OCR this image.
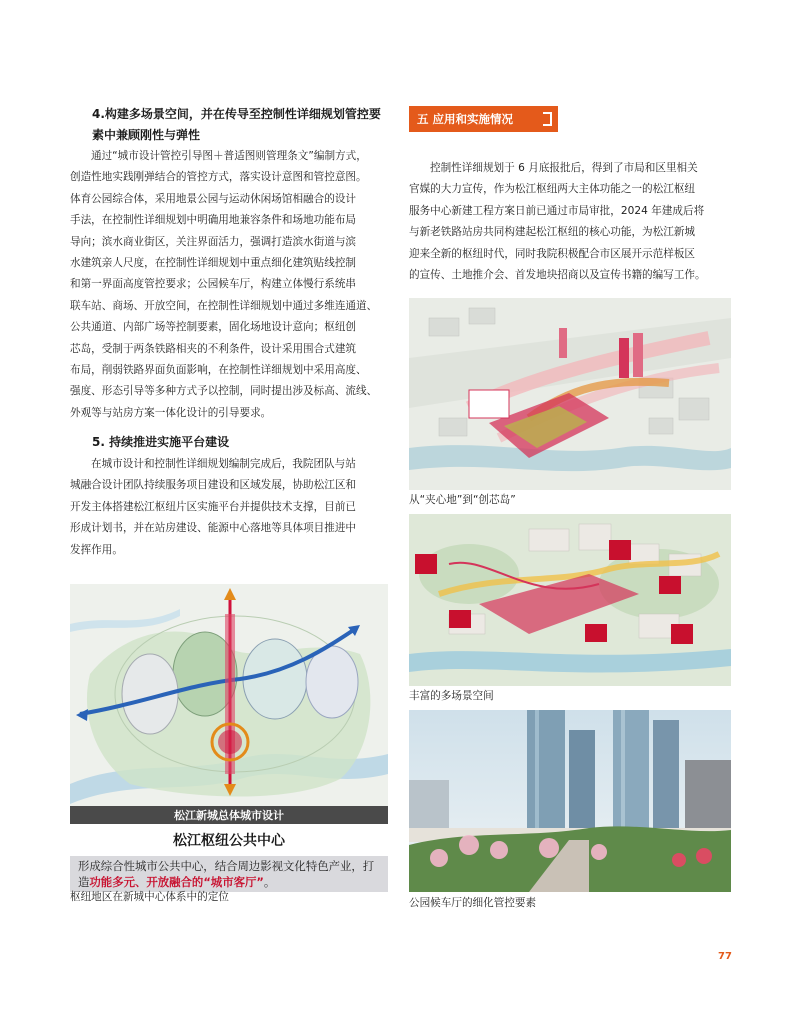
4.构建多场景空间，并在传导至控制性详细规划管控要素中兼顾刚性与弹性
通过“城市设计管控引导图＋普适图则管理条文”编制方式，
创造性地实践刚弹结合的管控方式，落实设计意图和管控意图。
体育公园综合体，采用地景公园与运动休闲场馆相融合的设计
手法，在控制性详细规划中明确用地兼容条件和场地功能布局
导向；滨水商业街区，关注界面活力，强调打造滨水街道与滨
水建筑亲人尺度，在控制性详细规划中重点细化建筑贴线控制
和第一界面高度管控要求；公园候车厅，构建立体慢行系统串
联车站、商场、开放空间，在控制性详细规划中通过多维连通道、
公共通道、内部广场等控制要素，固化场地设计意向；枢纽创
芯岛，受制于两条铁路相夹的不利条件，设计采用围合式建筑
布局，削弱铁路界面负面影响，在控制性详细规划中采用高度、
强度、形态引导等多种方式予以控制，同时提出涉及标高、流线、
外观等与站房方案一体化设计的引导要求。
5. 持续推进实施平台建设
在城市设计和控制性详细规划编制完成后，我院团队与站
城融合设计团队持续服务项目建设和区域发展，协助松江区和
开发主体搭建松江枢纽片区实施平台并提供技术支撑，目前已
形成计划书，并在站房建设、能源中心落地等具体项目推进中
发挥作用。
松江新城总体城市设计
松江枢纽公共中心
形成综合性城市公共中心，结合周边影视文化特色产业，打造功能多元、开放融合的“城市客厅”。
枢纽地区在新城中心体系中的定位
五 应用和实施情况
控制性详细规划于 6 月底报批后，得到了市局和区里相关
官媒的大力宣传，作为松江枢纽两大主体功能之一的松江枢纽
服务中心新建工程方案日前已通过市局审批，2024 年建成后将
与新老铁路站房共同构建起松江枢纽的核心功能，为松江新城
迎来全新的枢纽时代，同时我院积极配合市区展开示范样板区
的宣传、土地推介会、首发地块招商以及宣传书籍的编写工作。
从“夹心地”到“创芯岛”
丰富的多场景空间
公园候车厅的细化管控要素
77
